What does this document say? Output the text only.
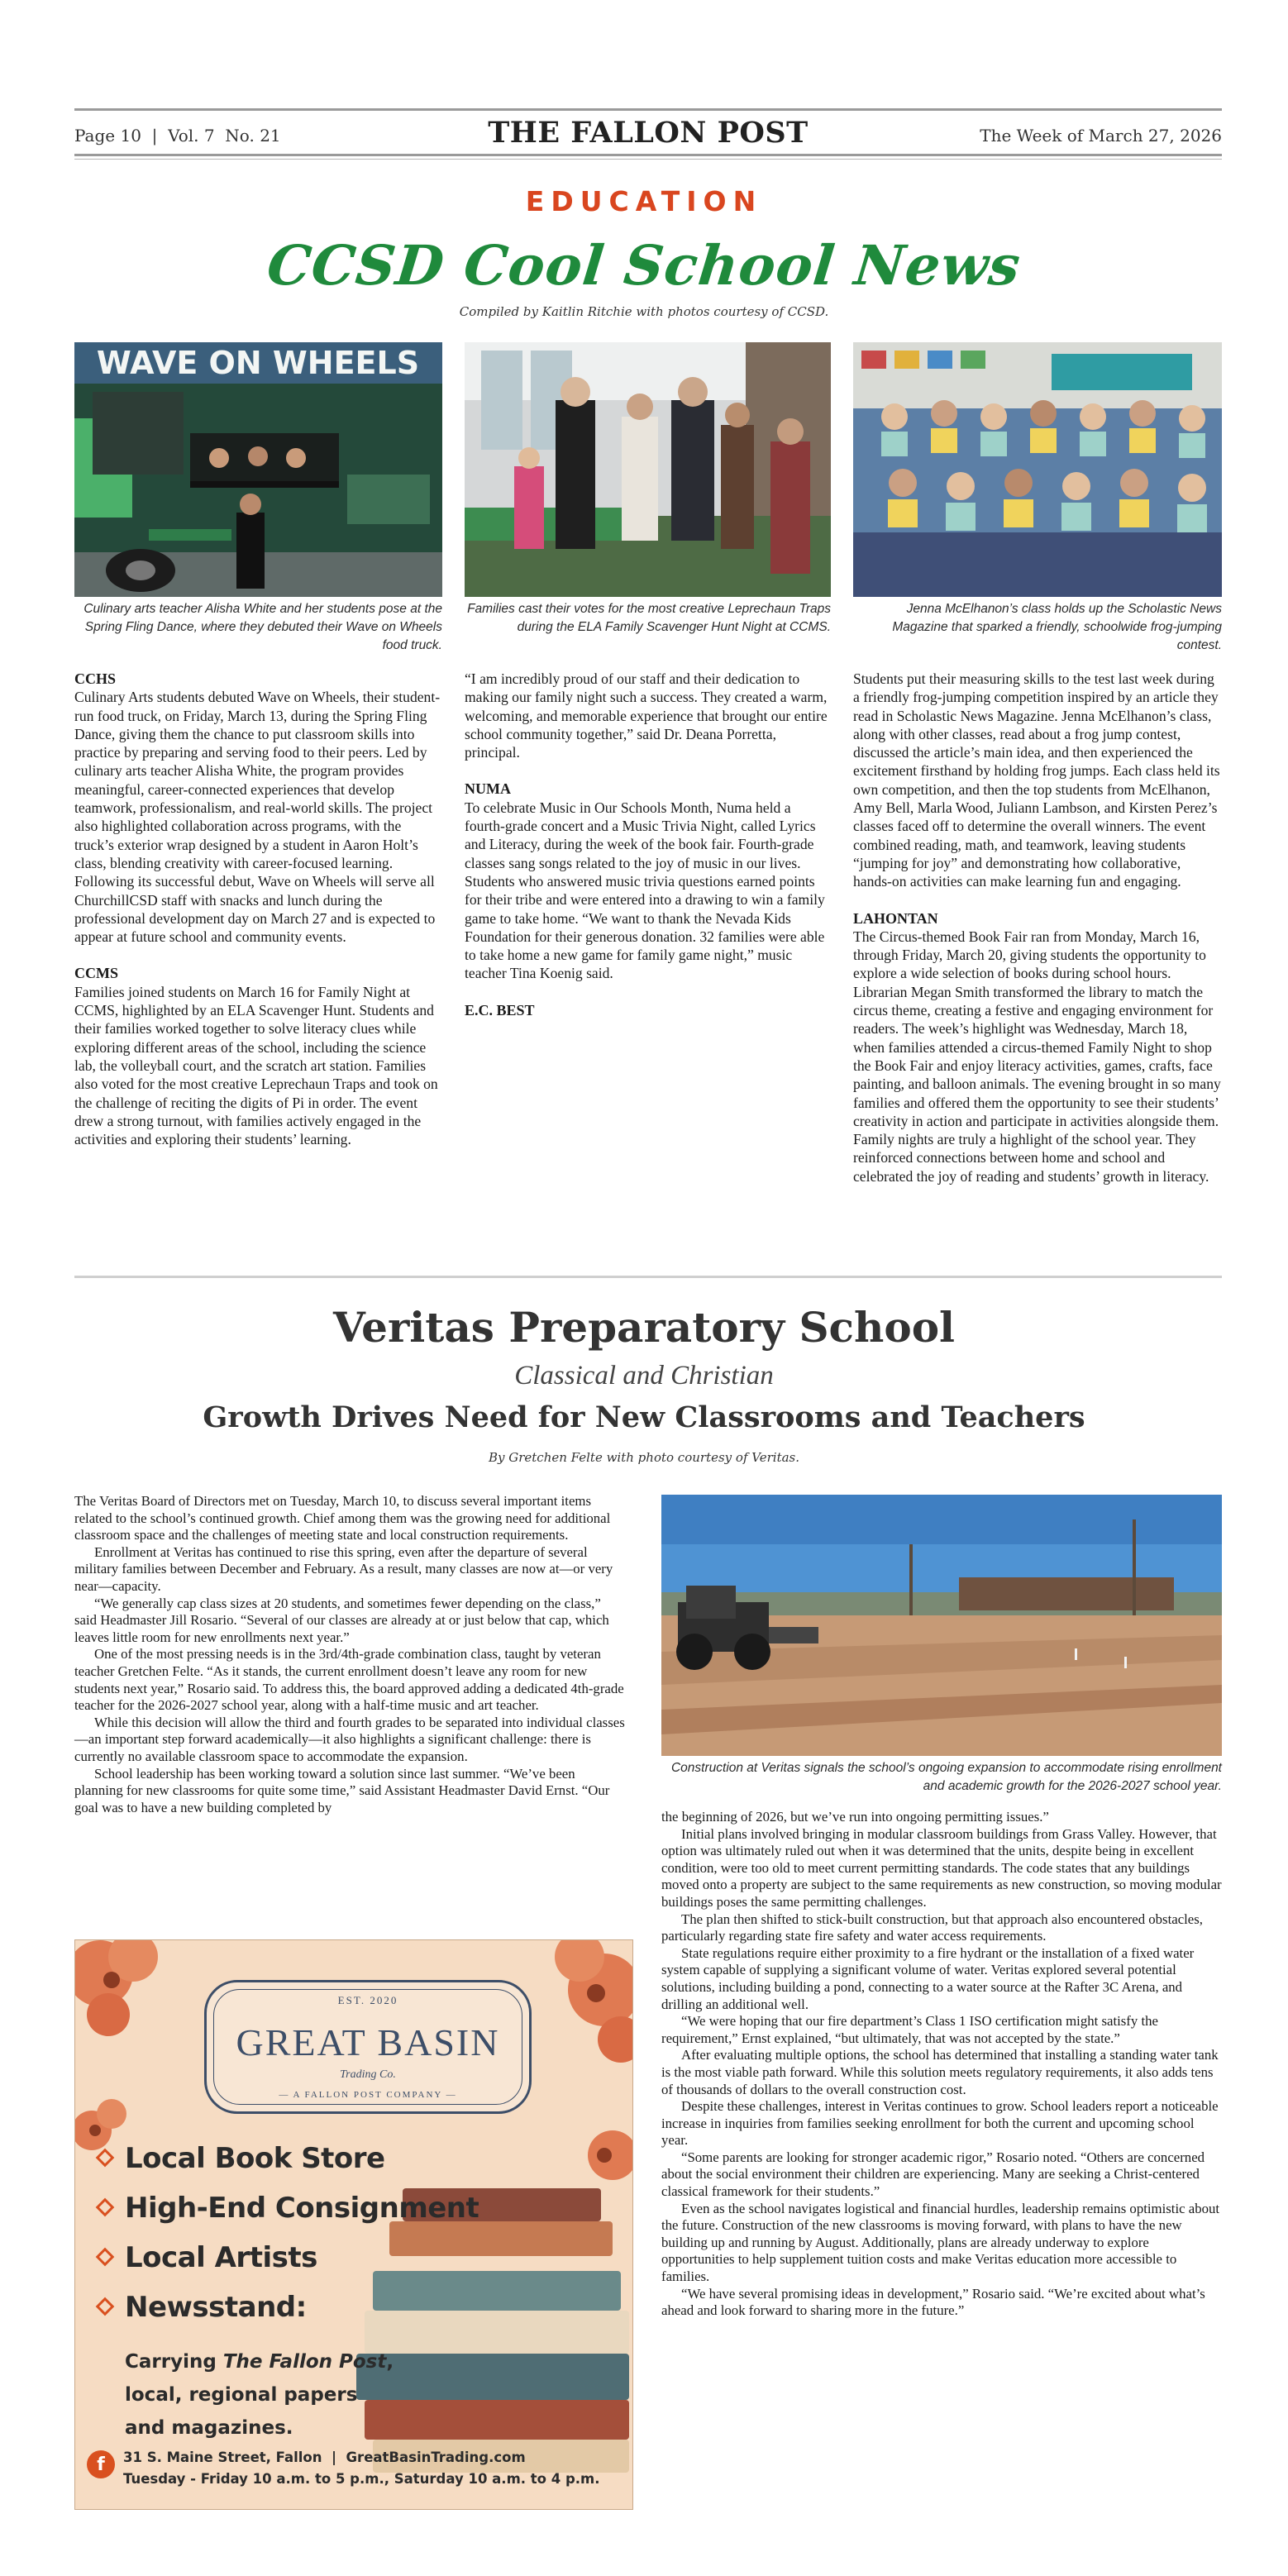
Page 10  |  Vol. 7  No. 21	THE FALLON POST	The Week of March 27, 2026
EDUCATION
CCSD Cool School News
Compiled by Kaitlin Ritchie with photos courtesy of CCSD.
WAVE ON WHEELS
Culinary arts teacher Alisha White and her students pose at the Spring Fling Dance, where they debuted their Wave on Wheels food truck.
Families cast their votes for the most creative Leprechaun Traps during the ELA Family Scavenger Hunt Night at CCMS.
Jenna McElhanon’s class holds up the Scholastic News Magazine that sparked a friendly, schoolwide frog-jumping contest.
CCHS

Culinary Arts students debuted Wave on Wheels, their student-run food truck, on Friday, March 13, during the Spring Fling Dance, giving them the chance to put classroom skills into practice by preparing and serving food to their peers. Led by culinary arts teacher Alisha White, the program provides meaningful, career-connected experiences that develop teamwork, professionalism, and real-world skills. The project also highlighted collaboration across programs, with the truck’s exterior wrap designed by a student in Aaron Holt’s class, blending creativity with career-focused learning. Following its successful debut, Wave on Wheels will serve all ChurchillCSD staff with snacks and lunch during the professional development day on March 27 and is expected to appear at future school and community events.

CCMS

Families joined students on March 16 for Family Night at CCMS, highlighted by an ELA Scavenger Hunt. Students and their families worked together to solve literacy clues while exploring different areas of the school, including the science lab, the volleyball court, and the scratch art station. Families also voted for the most creative Leprechaun Traps and took on the challenge of reciting the digits of Pi in order. The event drew a strong turnout, with families actively engaged in the activities and exploring their students’ learning.

“I am incredibly proud of our staff and their dedication to making our family night such a success. They created a warm, welcoming, and memorable experience that brought our entire school community together,” said Dr. Deana Porretta, principal.

NUMA

To celebrate Music in Our Schools Month, Numa held a fourth-grade concert and a Music Trivia Night, called Lyrics and Literacy, during the week of the book fair. Fourth-grade classes sang songs related to the joy of music in our lives. Students who answered music trivia questions earned points for their tribe and were entered into a drawing to win a family game to take home. “We want to thank the Nevada Kids Foundation for their generous donation. 32 families were able to take home a new game for family game night,” music teacher Tina Koenig said.

E.C. BEST

Students put their measuring skills to the test last week during a friendly frog-jumping competition inspired by an article they read in Scholastic News Magazine. Jenna McElhanon’s class, along with other classes, read about a frog jump contest, discussed the article’s main idea, and then experienced the excitement firsthand by holding frog jumps. Each class held its own competition, and then the top students from McElhanon, Amy Bell, Marla Wood, Juliann Lambson, and Kirsten Perez’s classes faced off to determine the overall winners. The event combined reading, math, and teamwork, leaving students “jumping for joy” and demonstrating how collaborative, hands-on activities can make learning fun and engaging.

LAHONTAN

The Circus-themed Book Fair ran from Monday, March 16, through Friday, March 20, giving students the opportunity to explore a wide selection of books during school hours. Librarian Megan Smith transformed the library to match the circus theme, creating a festive and engaging environment for readers. The week’s highlight was Wednesday, March 18, when families attended a circus-themed Family Night to shop the Book Fair and enjoy literacy activities, games, crafts, face painting, and balloon animals. The evening brought in so many families and offered them the opportunity to see their students’ creativity in action and participate in activities alongside them. Family nights are truly a highlight of the school year. They reinforced connections between home and school and celebrated the joy of reading and students’ growth in literacy.

Veritas Preparatory School
Classical and Christian
Growth Drives Need for New Classrooms and Teachers
By Gretchen Felte with photo courtesy of Veritas.

The Veritas Board of Directors met on Tuesday, March 10, to discuss several important items related to the school’s continued growth. Chief among them was the growing need for additional classroom space and the challenges of meeting state and local construction requirements.

Enrollment at Veritas has continued to rise this spring, even after the departure of several military families between December and February. As a result, many classes are now at—or very near—capacity.

“We generally cap class sizes at 20 students, and sometimes fewer depending on the class,” said Headmaster Jill Rosario. “Several of our classes are already at or just below that cap, which leaves little room for new enrollments next year.”

One of the most pressing needs is in the 3rd/4th-grade combination class, taught by veteran teacher Gretchen Felte. “As it stands, the current enrollment doesn’t leave any room for new students next year,” Rosario said. To address this, the board approved adding a dedicated 4th-grade teacher for the 2026-2027 school year, along with a half-time music and art teacher.

While this decision will allow the third and fourth grades to be separated into individual classes—an important step forward academically—it also highlights a significant challenge: there is currently no available classroom space to accommodate the expansion.

School leadership has been working toward a solution since last summer. “We’ve been planning for new classrooms for quite some time,” said Assistant Headmaster David Ernst. “Our goal was to have a new building completed by

Construction at Veritas signals the school’s ongoing expansion to accommodate rising enrollment and academic growth for the 2026-2027 school year.

the beginning of 2026, but we’ve run into ongoing permitting issues.”

Initial plans involved bringing in modular classroom buildings from Grass Valley. However, that option was ultimately ruled out when it was determined that the units, despite being in excellent condition, were too old to meet current permitting standards. The code states that any buildings moved onto a property are subject to the same requirements as new construction, so moving modular buildings poses the same permitting challenges.

The plan then shifted to stick-built construction, but that approach also encountered obstacles, particularly regarding state fire safety and water access requirements.

State regulations require either proximity to a fire hydrant or the installation of a fixed water system capable of supplying a significant volume of water. Veritas explored several potential solutions, including building a pond, connecting to a water source at the Rafter 3C Arena, and drilling an additional well.

“We were hoping that our fire department’s Class 1 ISO certification might satisfy the requirement,” Ernst explained, “but ultimately, that was not accepted by the state.”

After evaluating multiple options, the school has determined that installing a standing water tank is the most viable path forward. While this solution meets regulatory requirements, it also adds tens of thousands of dollars to the overall construction cost.

Despite these challenges, interest in Veritas continues to grow. School leaders report a noticeable increase in inquiries from families seeking enrollment for both the current and upcoming school year.

“Some parents are looking for stronger academic rigor,” Rosario noted. “Others are concerned about the social environment their children are experiencing. Many are seeking a Christ-centered classical framework for their students.”

Even as the school navigates logistical and financial hurdles, leadership remains optimistic about the future. Construction of the new classrooms is moving forward, with plans to have the new building up and running by August. Additionally, plans are already underway to explore opportunities to help supplement tuition costs and make Veritas education more accessible to families.

“We have several promising ideas in development,” Rosario said. “We’re excited about what’s ahead and look forward to sharing more in the future.”

EST. 2020
GREAT BASIN
Trading Co.
— A FALLON POST COMPANY —
Local Book Store
High-End Consignment
Local Artists
Newsstand:
Carrying The Fallon Post,
local, regional papers
and magazines.
f	31 S. Maine Street, Fallon  |  GreatBasinTrading.com
Tuesday - Friday 10 a.m. to 5 p.m., Saturday 10 a.m. to 4 p.m.
